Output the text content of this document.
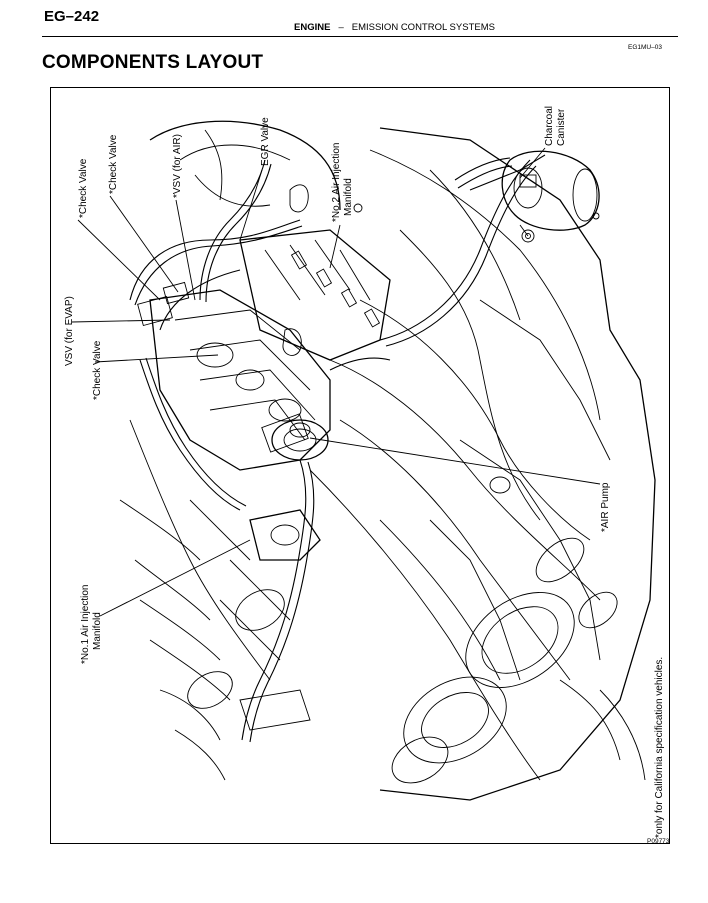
EG–242
ENGINE – EMISSION CONTROL SYSTEMS
EG1MU–03
COMPONENTS LAYOUT
*Check Valve *Check Valve	*VSV (for AIR)	EGR Valve
*No.2 Air Injection Manifold
Charcoal Canister
VSV (for EVAP)
*Check Valve
*AIR Pump
*No.1 Air Injection Manifold
*only for California specification vehicles.
P09773
